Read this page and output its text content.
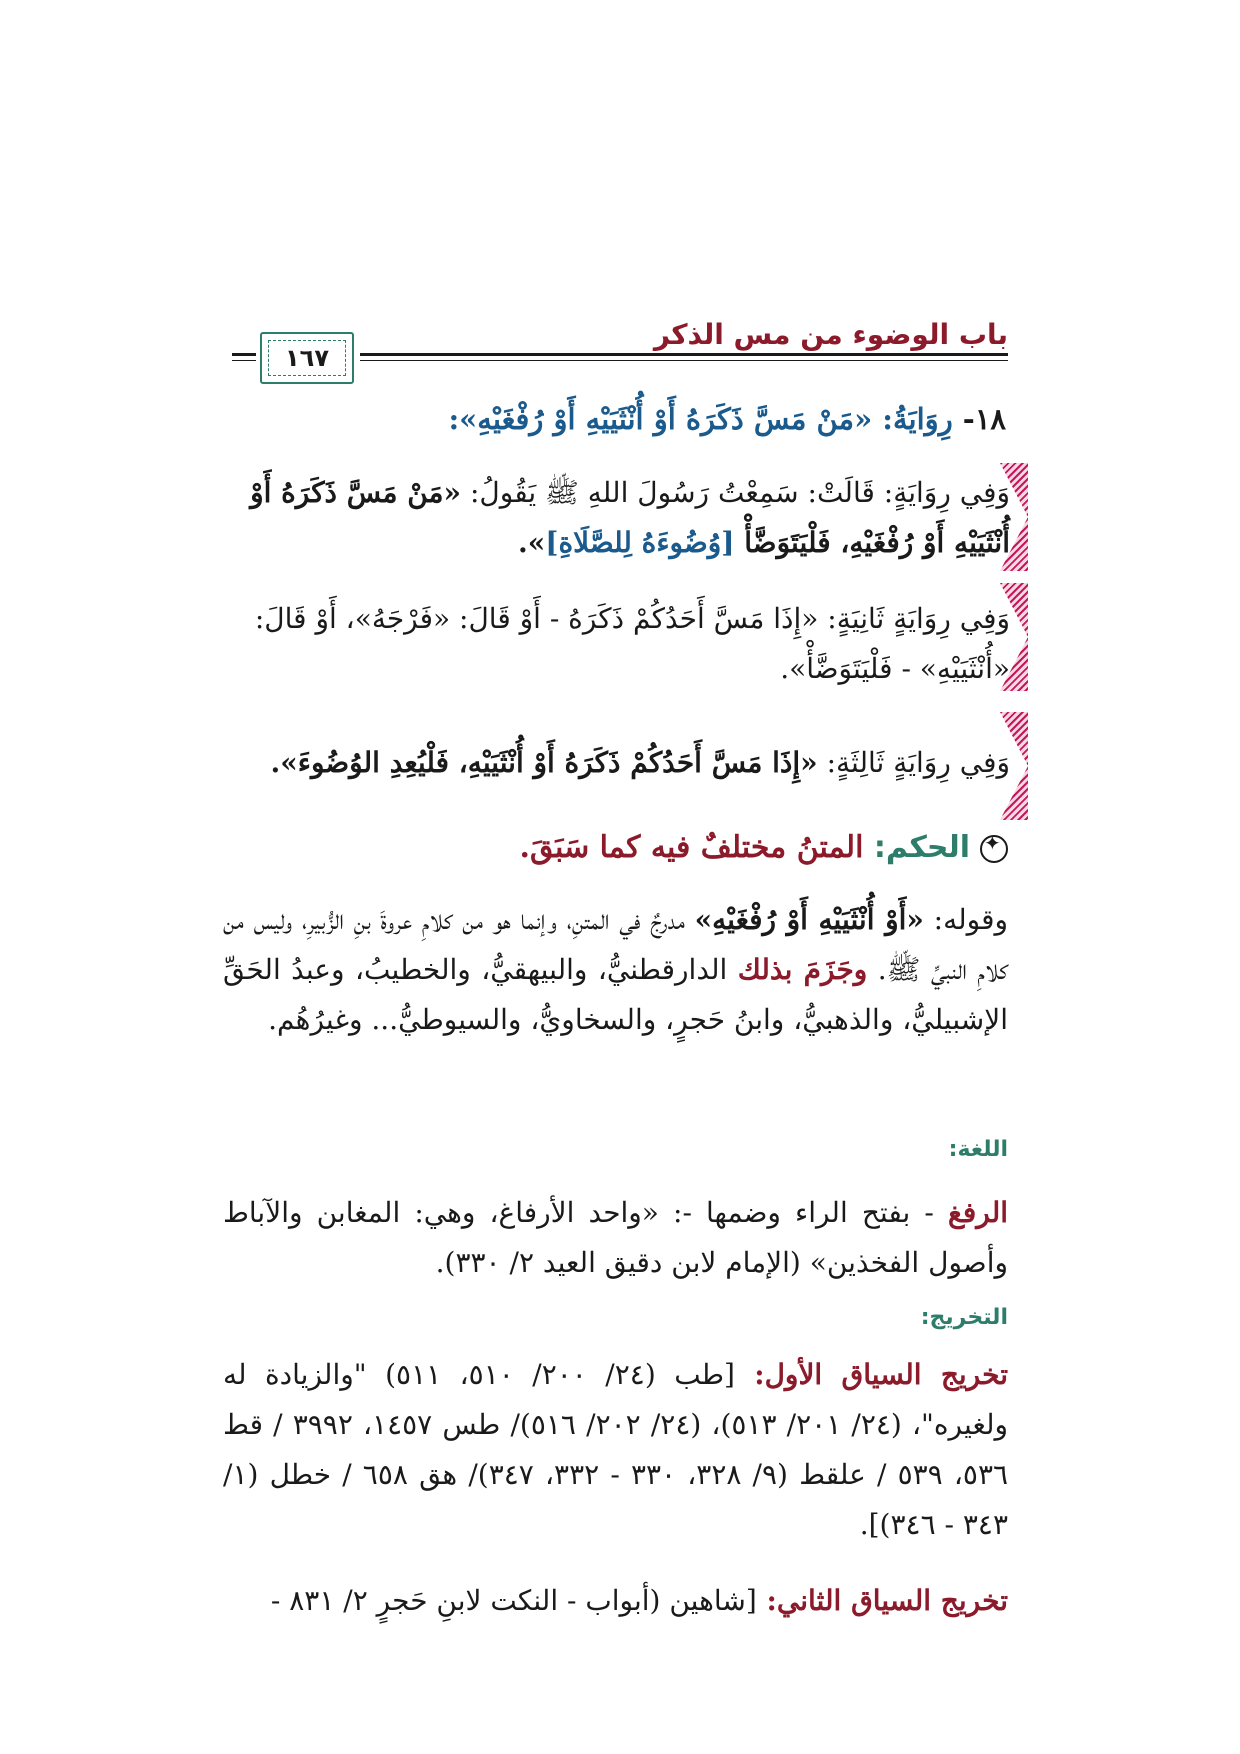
باب الوضوء من مس الذكر
١٦٧
١٨- رِوَايَةُ: «مَنْ مَسَّ ذَكَرَهُ أَوْ أُنْثَيَيْهِ أَوْ رُفْغَيْهِ»:
وَفِي رِوَايَةٍ: قَالَتْ: سَمِعْتُ رَسُولَ اللهِ ﷺ يَقُولُ: «مَنْ مَسَّ ذَكَرَهُ أَوْ أُنْثَيَيْهِ أَوْ رُفْغَيْهِ، فَلْيَتَوَضَّأْ [وُضُوءَهُ لِلصَّلَاةِ]».
وَفِي رِوَايَةٍ ثَانِيَةٍ: «إِذَا مَسَّ أَحَدُكُمْ ذَكَرَهُ - أَوْ قَالَ: «فَرْجَهُ»، أَوْ قَالَ: «أُنْثَيَيْهِ» - فَلْيَتَوَضَّأْ».
وَفِي رِوَايَةٍ ثَالِثَةٍ: «إِذَا مَسَّ أَحَدُكُمْ ذَكَرَهُ أَوْ أُنْثَيَيْهِ، فَلْيُعِدِ الوُضُوءَ».
✦الحكم: المتنُ مختلفٌ فيه كما سَبَقَ.
وقوله: «أَوْ أُنْثَيَيْهِ أَوْ رُفْغَيْهِ» مدرجٌ في المتنِ، وإنما هو من كلامِ عروةَ بنِ الزُّبيرِ، وليس من كلامِ النبيِّ ﷺ. وجَزَمَ بذلك الدارقطنيُّ، والبيهقيُّ، والخطيبُ، وعبدُ الحَقِّ الإشبيليُّ، والذهبيُّ، وابنُ حَجرٍ، والسخاويُّ، والسيوطيُّ... وغيرُهُم.
اللغة:
الرفغ - بفتح الراء وضمها -: «واحد الأرفاغ، وهي: المغابن والآباط وأصول الفخذين» (الإمام لابن دقيق العيد ٢/ ٣٣٠).
التخريج:
تخريج السياق الأول: [طب (٢٤/ ٢٠٠/ ٥١٠، ٥١١) "والزيادة له ولغيره"، (٢٤/ ٢٠١/ ٥١٣)، (٢٤/ ٢٠٢/ ٥١٦)/ طس ١٤٥٧، ٣٩٩٢ / قط ٥٣٦، ٥٣٩ / علقط (٩/ ٣٢٨، ٣٣٠ - ٣٣٢، ٣٤٧)/ هق ٦٥٨ / خطل (١/ ٣٤٣ - ٣٤٦)].
تخريج السياق الثاني: [شاهين (أبواب - النكت لابنِ حَجرٍ ٢/ ٨٣١ -
